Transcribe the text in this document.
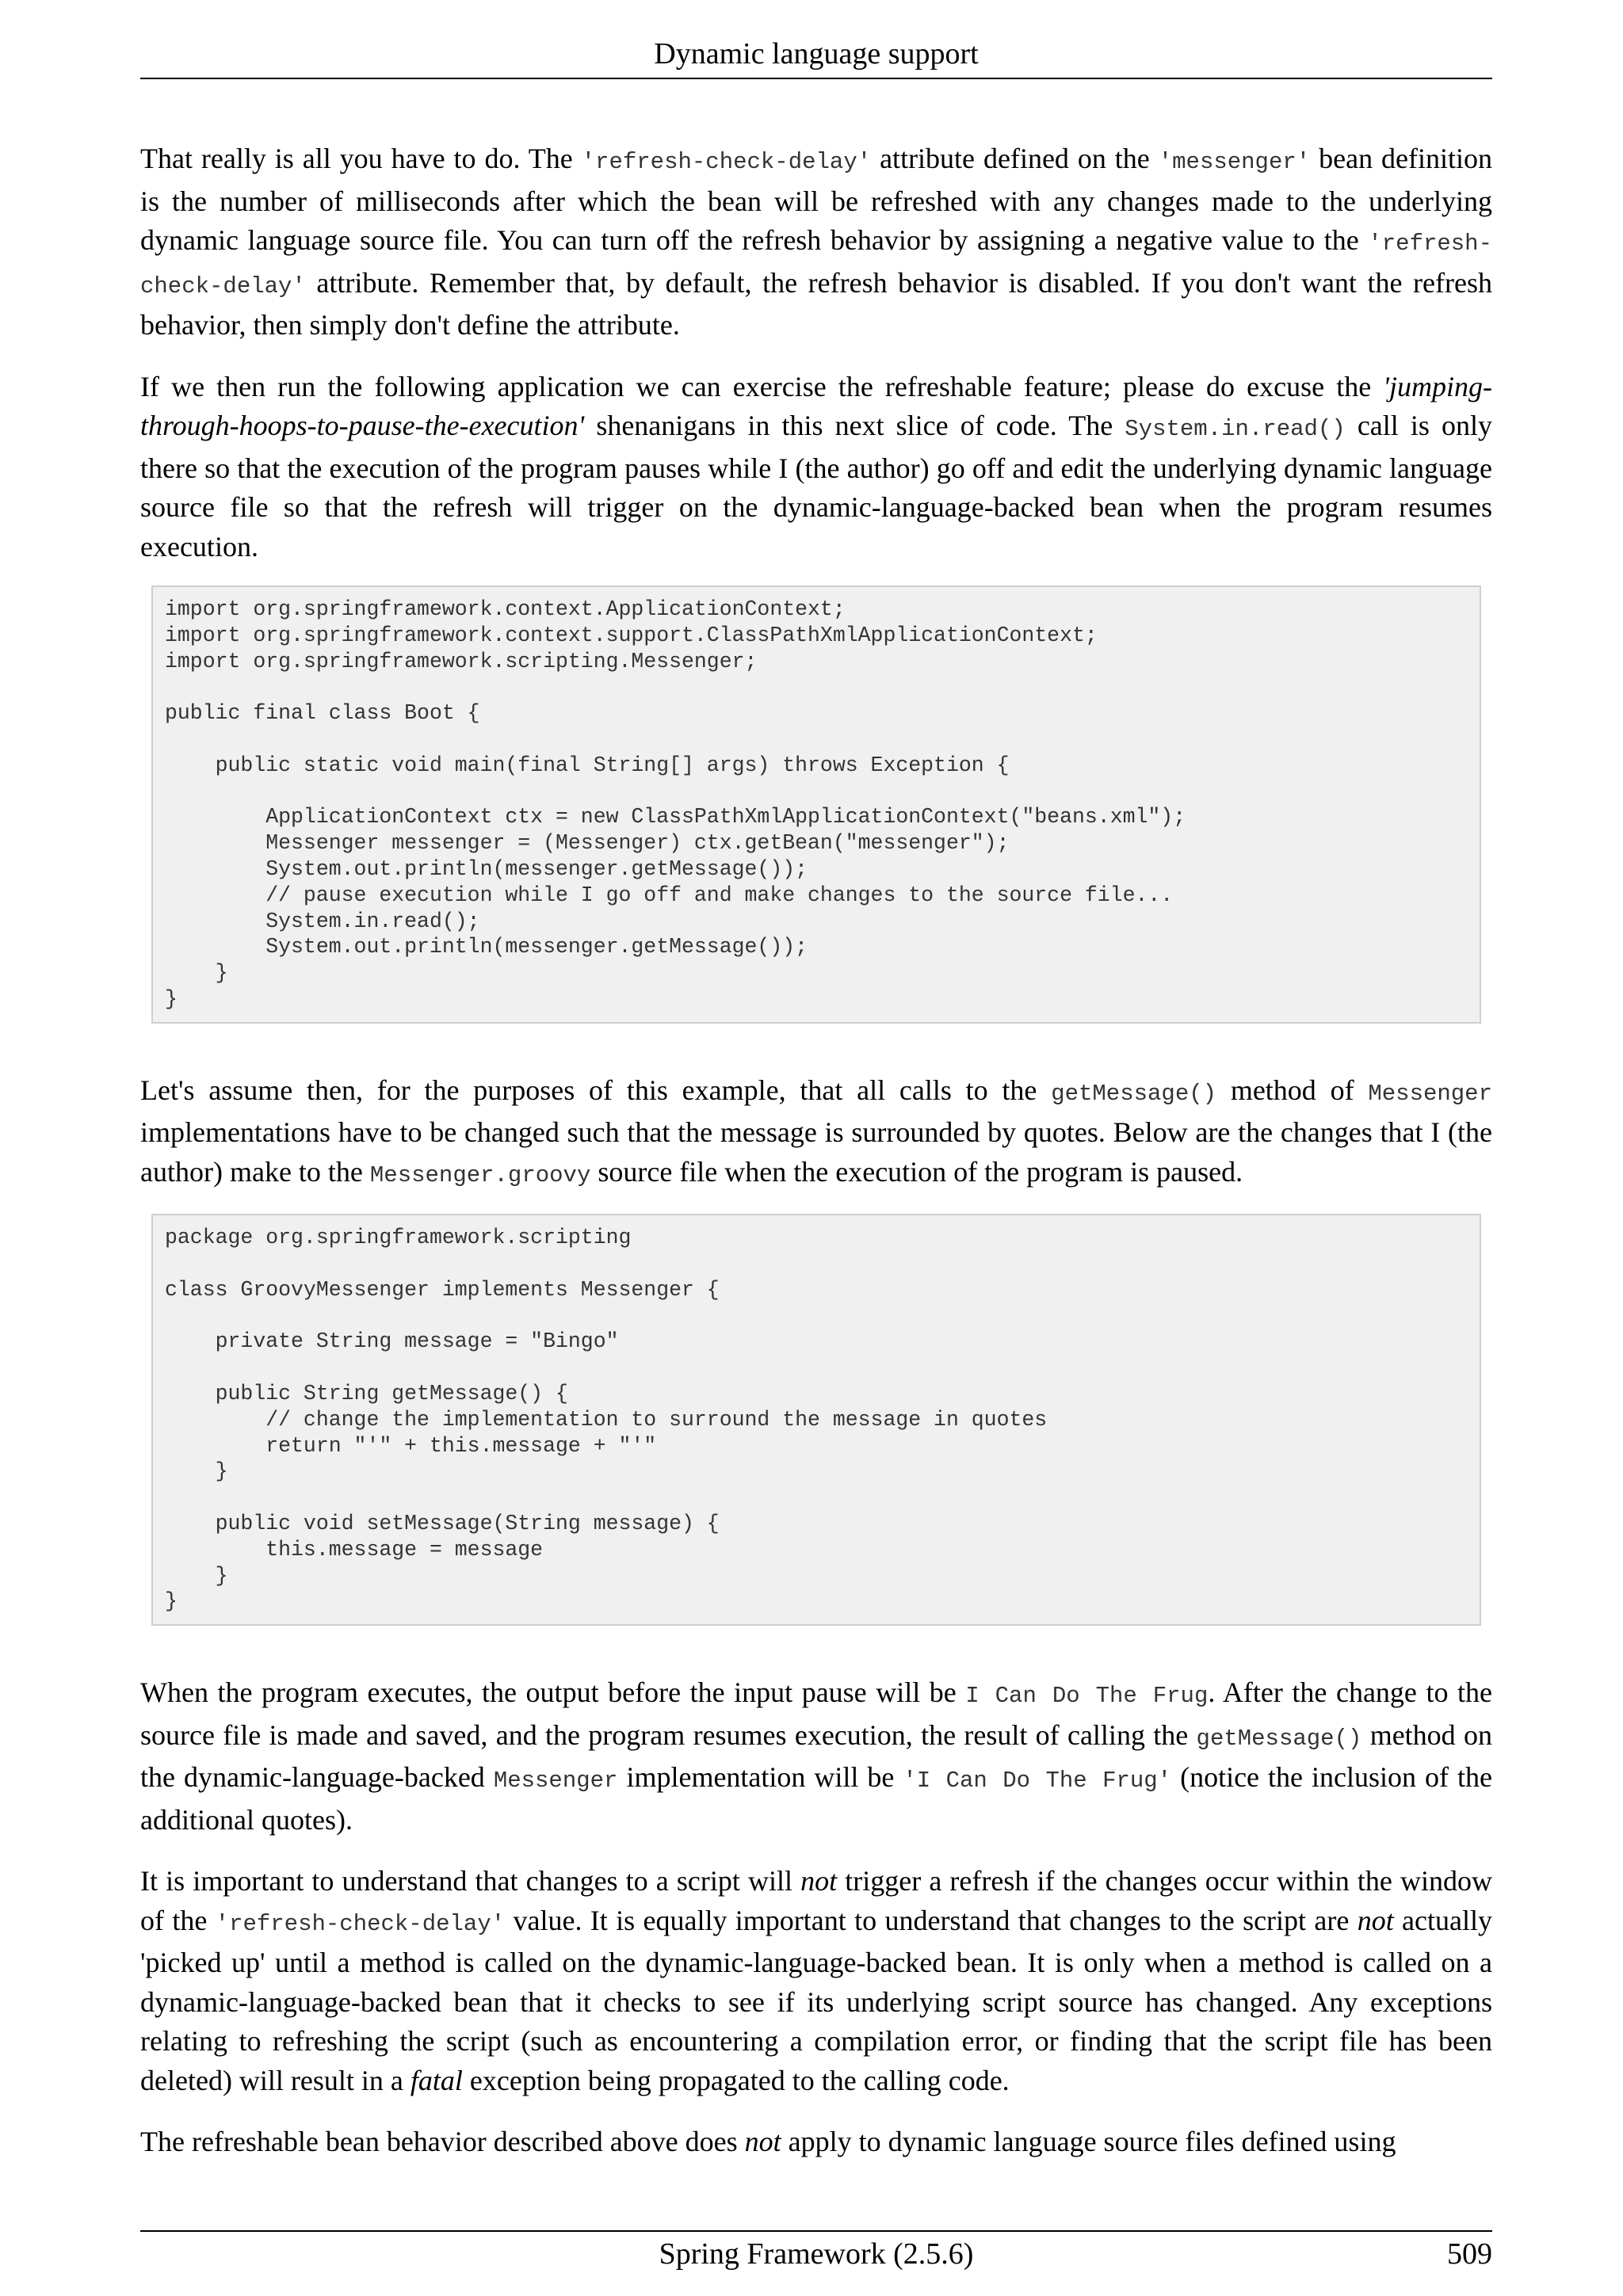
Dynamic language support

That really is all you have to do. The 'refresh-check-delay' attribute defined on the 'messenger' bean definition is the number of milliseconds after which the bean will be refreshed with any changes made to the underlying dynamic language source file. You can turn off the refresh behavior by assigning a negative value to the 'refresh-check-delay' attribute. Remember that, by default, the refresh behavior is disabled. If you don't want the refresh behavior, then simply don't define the attribute.

If we then run the following application we can exercise the refreshable feature; please do excuse the 'jumping-through-hoops-to-pause-the-execution' shenanigans in this next slice of code. The System.in.read() call is only there so that the execution of the program pauses while I (the author) go off and edit the underlying dynamic language source file so that the refresh will trigger on the dynamic-language-backed bean when the program resumes execution.

import org.springframework.context.ApplicationContext;
import org.springframework.context.support.ClassPathXmlApplicationContext;
import org.springframework.scripting.Messenger;

public final class Boot {

public static void main(final String[] args) throws Exception {

ApplicationContext ctx = new ClassPathXmlApplicationContext("beans.xml");
Messenger messenger = (Messenger) ctx.getBean("messenger");
System.out.println(messenger.getMessage());
// pause execution while I go off and make changes to the source file...
System.in.read();
System.out.println(messenger.getMessage());
}
}

Let's assume then, for the purposes of this example, that all calls to the getMessage() method of Messenger implementations have to be changed such that the message is surrounded by quotes. Below are the changes that I (the author) make to the Messenger.groovy source file when the execution of the program is paused.

package org.springframework.scripting

class GroovyMessenger implements Messenger {

private String message = "Bingo"

public String getMessage() {
// change the implementation to surround the message in quotes
return "'" + this.message + "'"
}

public void setMessage(String message) {
this.message = message
}
}

When the program executes, the output before the input pause will be I Can Do The Frug. After the change to the source file is made and saved, and the program resumes execution, the result of calling the getMessage() method on the dynamic-language-backed Messenger implementation will be 'I Can Do The Frug' (notice the inclusion of the additional quotes).

It is important to understand that changes to a script will not trigger a refresh if the changes occur within the window of the 'refresh-check-delay' value. It is equally important to understand that changes to the script are not actually 'picked up' until a method is called on the dynamic-language-backed bean. It is only when a method is called on a dynamic-language-backed bean that it checks to see if its underlying script source has changed. Any exceptions relating to refreshing the script (such as encountering a compilation error, or finding that the script file has been deleted) will result in a fatal exception being propagated to the calling code.

The refreshable bean behavior described above does not apply to dynamic language source files defined using

Spring Framework (2.5.6)	509
